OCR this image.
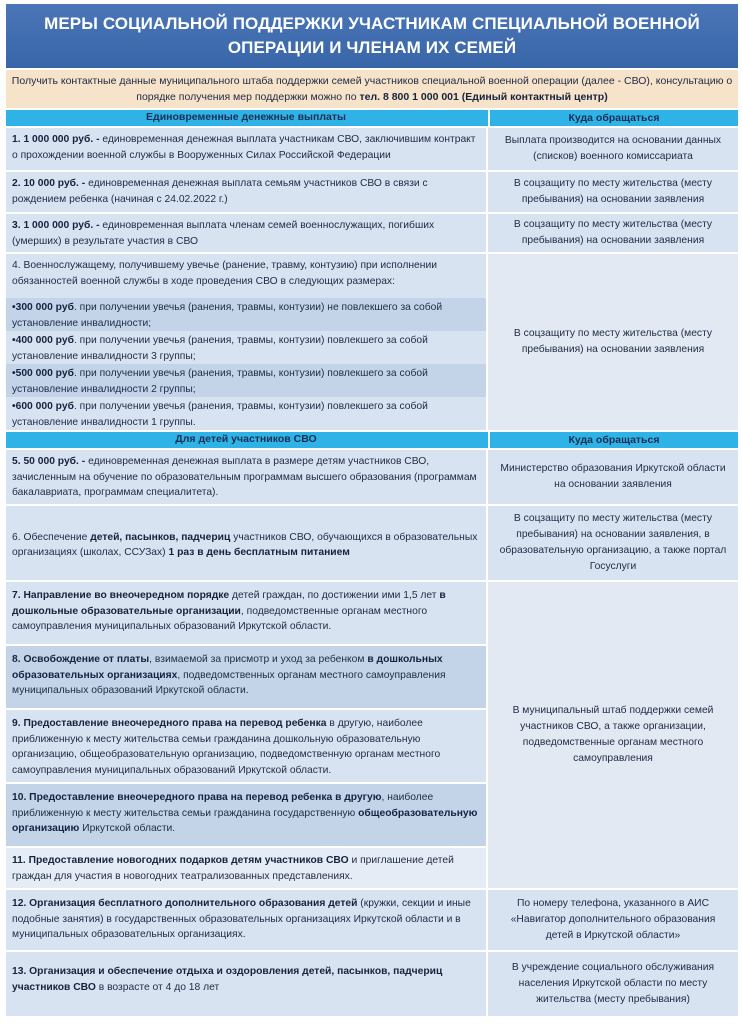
МЕРЫ СОЦИАЛЬНОЙ ПОДДЕРЖКИ УЧАСТНИКАМ СПЕЦИАЛЬНОЙ ВОЕННОЙ
ОПЕРАЦИИ И ЧЛЕНАМ ИХ СЕМЕЙ
Получить контактные данные муниципального штаба поддержки семей участников специальной военной операции (далее - СВО), консультацию о порядке получения мер поддержки можно по тел. 8 800 1 000 001 (Единый контактный центр)
Единовременные денежные выплаты	Куда обращаться
1. 1 000 000 руб. - единовременная денежная выплата участникам СВО, заключившим контракт о прохождении военной службы в Вооруженных Силах Российской Федерации
Выплата производится на основании данных (списков) военного комиссариата
2. 10 000 руб. - единовременная денежная выплата семьям участников СВО в связи с рождением ребенка (начиная с 24.02.2022 г.)
В соцзащиту по месту жительства (месту пребывания) на основании заявления
3. 1 000 000 руб. - единовременная выплата членам семей военнослужащих, погибших (умерших) в результате участия в СВО
В соцзащиту по месту жительства (месту пребывания) на основании заявления
4. Военнослужащему, получившему увечье (ранение, травму, контузию) при исполнении обязанностей военной службы в ходе проведения СВО в следующих размерах:
•300 000 руб. при получении увечья (ранения, травмы, контузии) не повлекшего за собой установление инвалидности;
•400 000 руб. при получении увечья (ранения, травмы, контузии) повлекшего за собой установление инвалидности 3 группы;
•500 000 руб. при получении увечья (ранения, травмы, контузии) повлекшего за собой установление инвалидности 2 группы;
•600 000 руб. при получении увечья (ранения, травмы, контузии) повлекшего за собой установление инвалидности 1 группы.
В соцзащиту по месту жительства (месту пребывания) на основании заявления
Для детей участников СВО	Куда обращаться
5. 50 000 руб. - единовременная денежная выплата в размере детям участников СВО, зачисленным на обучение по образовательным программам высшего образования (программам бакалавриата, программам специалитета).
Министерство образования Иркутской области на основании заявления
6. Обеспечение детей, пасынков, падчериц участников СВО, обучающихся в образовательных организациях (школах, ССУЗах) 1 раз в день бесплатным питанием
В соцзащиту по месту жительства (месту пребывания) на основании заявления, в образовательную организацию, а также портал Госуслуги
7. Направление во внеочередном порядке детей граждан, по достижении ими 1,5 лет в дошкольные образовательные организации, подведомственные органам местного самоуправления муниципальных образований Иркутской области.
8. Освобождение от платы, взимаемой за присмотр и уход за ребенком в дошкольных образовательных организациях, подведомственных органам местного самоуправления муниципальных образований Иркутской области.
9. Предоставление внеочередного права на перевод ребенка в другую, наиболее приближенную к месту жительства семьи гражданина дошкольную образовательную организацию, общеобразовательную организацию, подведомственную органам местного самоуправления муниципальных образований Иркутской области.
10. Предоставление внеочередного права на перевод ребенка в другую, наиболее приближенную к месту жительства семьи гражданина государственную общеобразовательную организацию Иркутской области.
11. Предоставление новогодних подарков детям участников СВО и приглашение детей граждан для участия в новогодних театрализованных представлениях.
В муниципальный штаб поддержки семей участников СВО, а также организации, подведомственные органам местного самоуправления
12. Организация бесплатного дополнительного образования детей (кружки, секции и иные подобные занятия) в государственных образовательных организациях Иркутской области и в муниципальных образовательных организациях.
По номеру телефона, указанного в АИС «Навигатор дополнительного образования детей в Иркутской области»
13. Организация и обеспечение отдыха и оздоровления детей, пасынков, падчериц участников СВО в возрасте от 4 до 18 лет
В учреждение социального обслуживания населения Иркутской области по месту жительства (месту пребывания)
